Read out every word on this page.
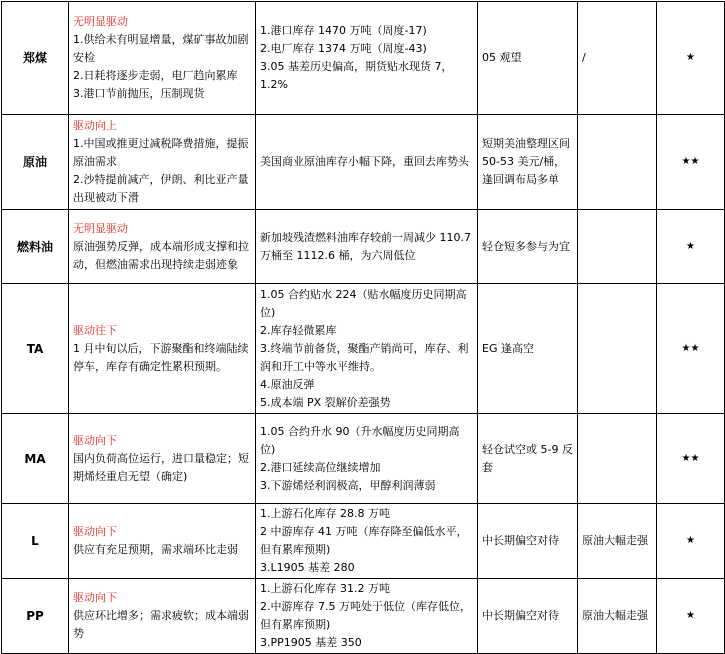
郑煤	无明显驱动
1.供给未有明显增量，煤矿事故加剧安检
2.日耗将逐步走弱，电厂趋向累库
3.港口节前抛压，压制现货	1.港口库存 1470 万吨（周度-17)
2.电厂库存 1374 万吨（周度-43)
3.05 基差历史偏高，期货贴水现货 7，1.2%	05 观望	/	★
原油	驱动向上
1.中国或推更过减税降费措施，提振原油需求
2.沙特提前减产，伊朗、利比亚产量出现被动下滑	美国商业原油库存小幅下降，重回去库势头	短期美油整理区间 50-53 美元/桶，逢回调布局多单		★★
燃料油	无明显驱动
原油强势反弹，成本端形成支撑和拉动，但燃油需求出现持续走弱迹象	新加坡残渣燃料油库存较前一周减少 110.7 万桶至 1112.6 桶，为六周低位	轻仓短多参与为宜		★
TA	驱动往下
1 月中旬以后，下游聚酯和终端陆续停车，库存有确定性累积预期。	1.05 合约贴水 224（贴水幅度历史同期高位)
2.库存轻微累库
3.终端节前备货，聚酯产销尚可，库存、利润和开工中等水平维持。
4.原油反弹
5.成本端 PX 裂解价差强势	EG 逢高空		★★
MA	驱动向下
国内负荷高位运行，进口量稳定；短期烯烃重启无望（确定)	1.05 合约升水 90（升水幅度历史同期高位)
2.港口延续高位继续增加
3.下游烯烃利润极高，甲醇利润薄弱	轻仓试空或 5-9 反套		★★
L	驱动向下
供应有充足预期，需求端环比走弱	1.上游石化库存 28.8 万吨
2 中游库存 41 万吨（库存降至偏低水平，但有累库预期)
3.L1905 基差 280	中长期偏空对待	原油大幅走强	★
PP	驱动向下
供应环比增多；需求疲软；成本端弱势	1.上游石化库存 31.2 万吨
2.中游库存 7.5 万吨处于低位（库存低位，但有累库预期)
3.PP1905 基差 350	中长期偏空对待	原油大幅走强	★
